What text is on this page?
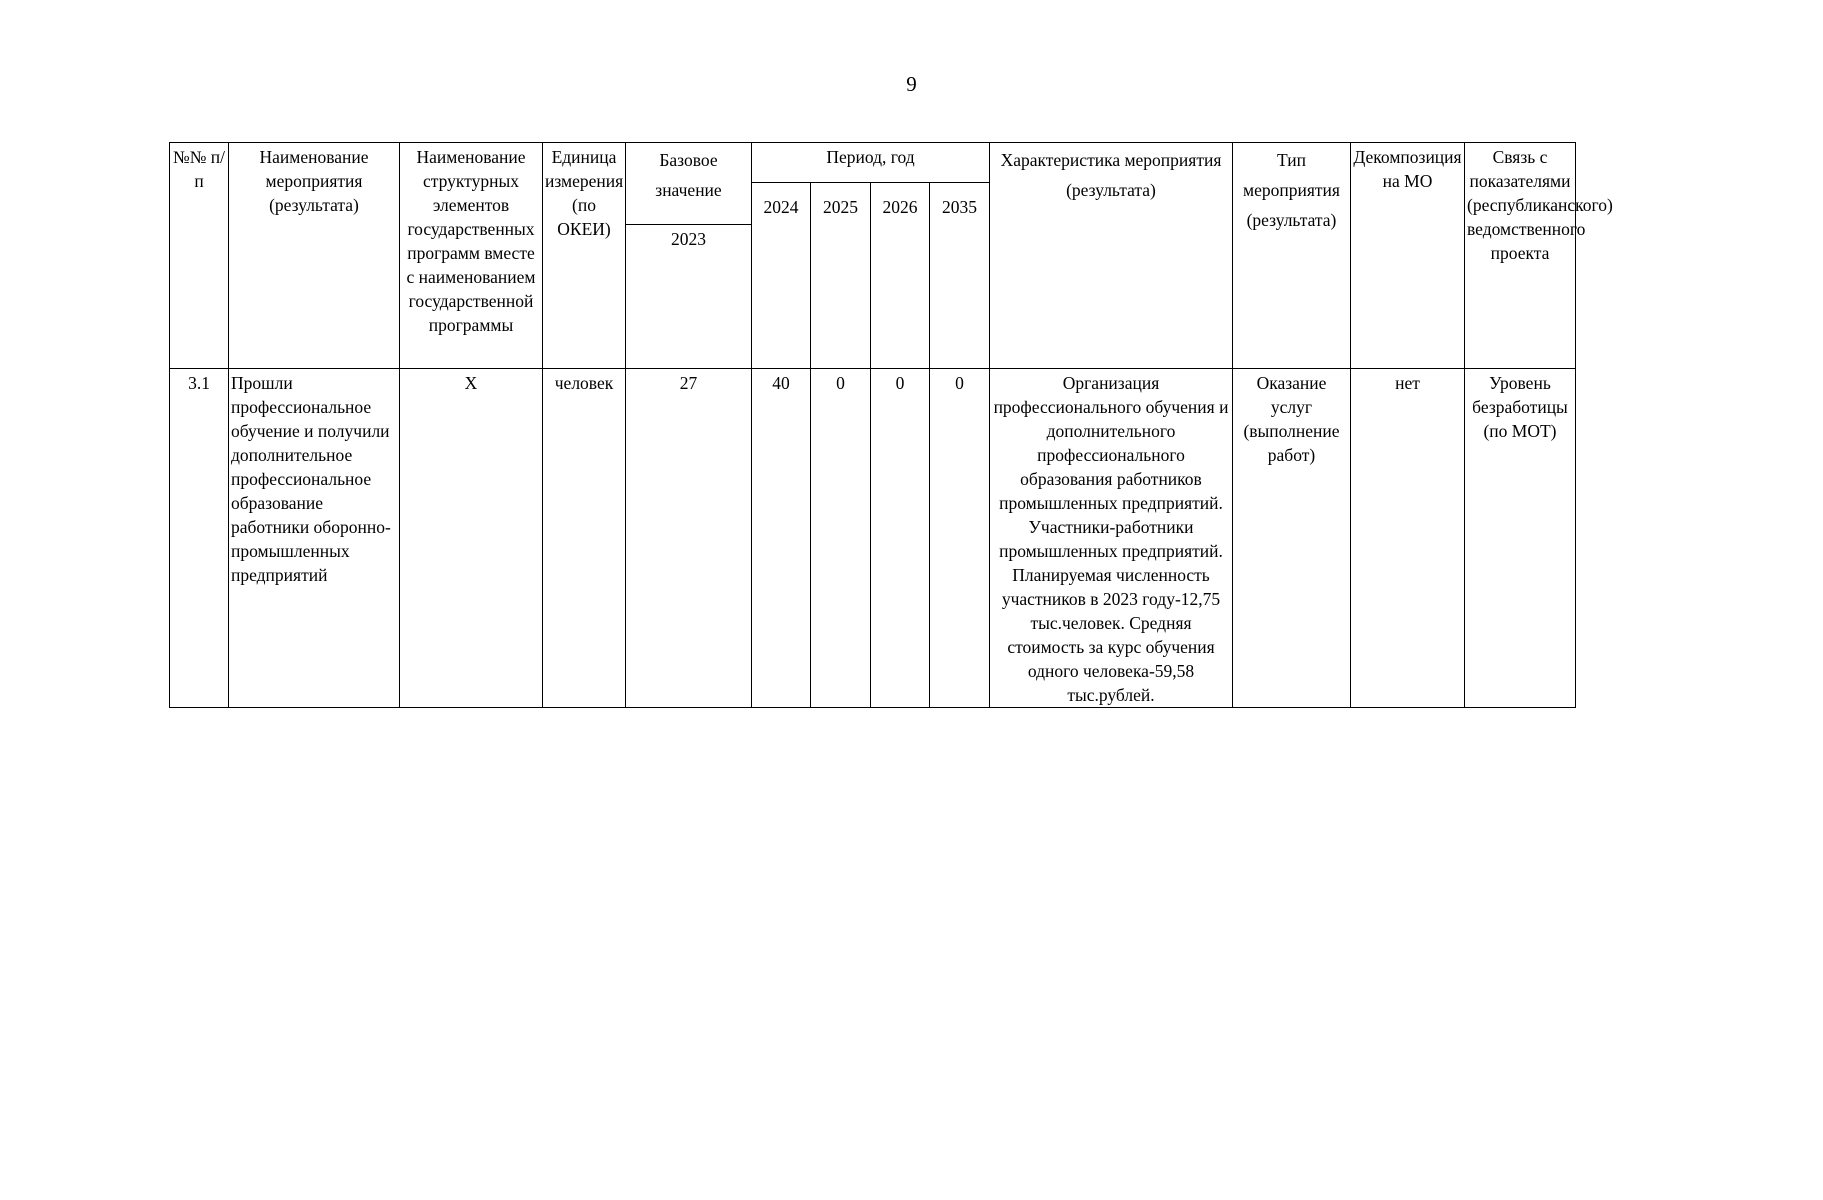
9
№№ п/п	Наименование мероприятия (результата)	Наименование структурных элементов государственных программ вместе с наименованием государственной программы	Единица измерения (по ОКЕИ)	Базовое значение	Период, год				Характеристика мероприятия (результата)	Тип мероприятия (результата)	Декомпозиция на МО	Связь с показателями (республиканского) ведомственного проекта
					2024	2025	2026	2035				
				2023								
3.1	Прошли профессиональное обучение и получили дополнительное профессиональное образование работники оборонно-промышленных предприятий	Х	человек	27	40	0	0	0	Организация профессионального обучения и дополнительного профессионального образования работников промышленных предприятий. Участники-работники промышленных предприятий. Планируемая численность участников в 2023 году-12,75 тыс.человек. Средняя стоимость за курс обучения одного человека-59,58 тыс.рублей.	Оказание услуг (выполнение работ)	нет	Уровень безработицы (по МОТ)
